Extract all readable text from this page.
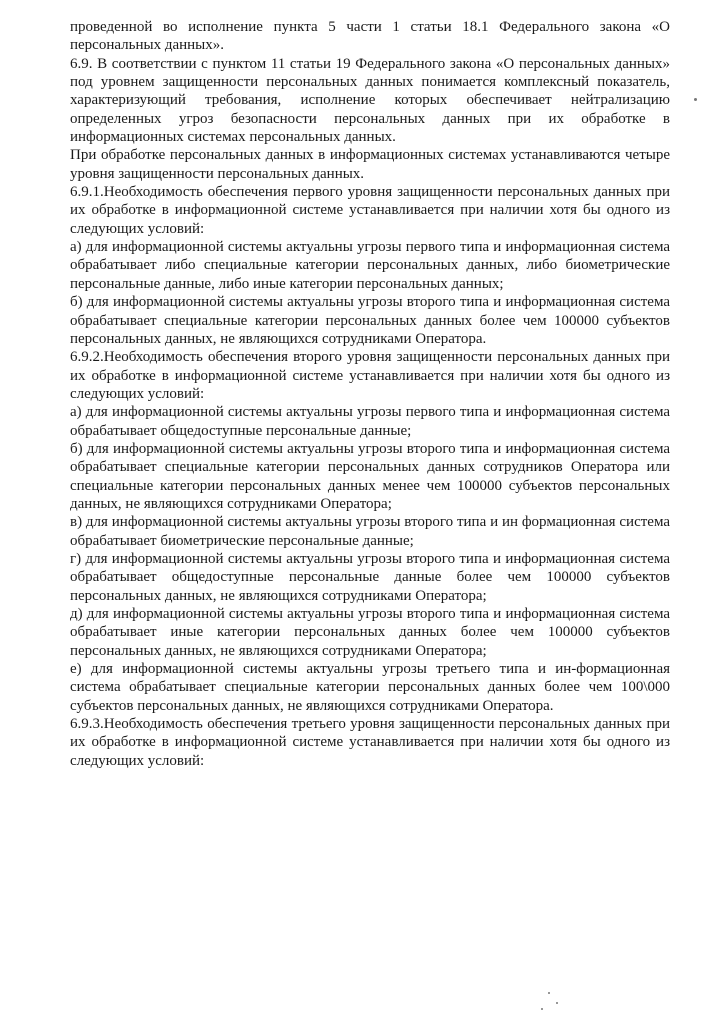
проведенной во исполнение пункта 5 части 1 статьи 18.1 Федерального закона «О персональных данных».

6.9. В соответствии с пунктом 11 статьи 19 Федерального закона «О персональных данных» под уровнем защищенности персональных данных понимается комплексный показатель, характеризующий требования, исполнение которых обеспечивает нейтрализацию определенных угроз безопасности персональных данных при их обработке в информационных системах персональных данных.

При обработке персональных данных в информационных системах устанавливаются четыре уровня защищенности персональных данных.

6.9.1.Необходимость обеспечения первого уровня защищенности персональных данных при их обработке в информационной системе устанавливается при наличии хотя бы одного из следующих условий:

а) для информационной системы актуальны угрозы первого типа и информационная система обрабатывает либо специальные категории персональных данных, либо биометрические персональные данные, либо иные категории персональных данных;

б) для информационной системы актуальны угрозы второго типа и информационная система обрабатывает специальные категории персональных данных более чем 100000 субъектов персональных данных, не являющихся сотрудниками Оператора.

6.9.2.Необходимость обеспечения второго уровня защищенности персональных данных при их обработке в информационной системе устанавливается при наличии хотя бы одного из следующих условий:

а) для информационной системы актуальны угрозы первого типа и информационная система обрабатывает общедоступные персональные данные;

б) для информационной системы актуальны угрозы второго типа и информационная система обрабатывает специальные категории персональных данных сотрудников Оператора или специальные категории персональных данных менее чем 100000 субъектов персональных данных, не являющихся сотрудниками Оператора;

в) для информационной системы актуальны угрозы второго типа и ин формационная система обрабатывает биометрические персональные данные;

г) для информационной системы актуальны угрозы второго типа и информационная система обрабатывает общедоступные персональные данные более чем 100000 субъектов персональных данных, не являющихся сотрудниками Оператора;

д) для информационной системы актуальны угрозы второго типа и информационная система обрабатывает иные категории персональных данных более чем 100000 субъектов персональных данных, не являющихся сотрудниками Оператора;

е) для информационной системы актуальны угрозы третьего типа и ин-формационная система обрабатывает специальные категории персональных данных более чем 100\000 субъектов персональных данных, не являющихся сотрудниками Оператора.

6.9.3.Необходимость обеспечения третьего уровня защищенности персональных данных при их обработке в информационной системе устанавливается при наличии хотя бы одного из следующих условий:
